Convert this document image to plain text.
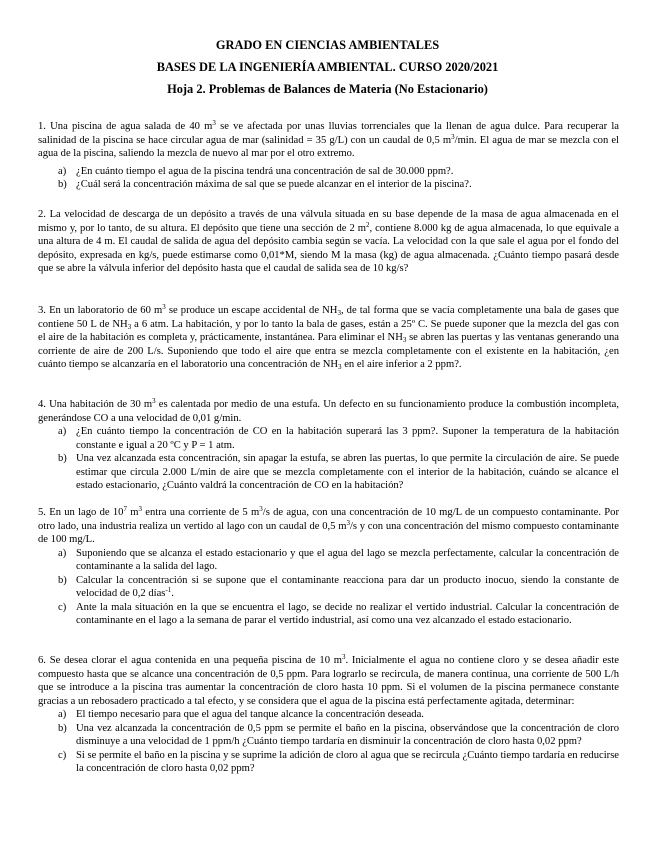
GRADO EN CIENCIAS AMBIENTALES
BASES DE LA INGENIERÍA AMBIENTAL. CURSO 2020/2021
Hoja 2. Problemas de Balances de Materia (No Estacionario)

1. Una piscina de agua salada de 40 $m^3$ se ve afectada por unas lluvias torrenciales que la llenan de agua dulce. Para recuperar la salinidad de la piscina se hace circular agua de mar (salinidad = 35 g/L) con un caudal de 0,5 $m^3/\min$. El agua de mar se mezcla con el agua de la piscina, saliendo la mezcla de nuevo al mar por el otro extremo.

a) ¿En cuánto tiempo el agua de la piscina tendrá una concentración de sal de 30.000 ppm?.
b) ¿Cuál será la concentración máxima de sal que se puede alcanzar en el interior de la piscina?.

2. La velocidad de descarga de un depósito a través de una válvula situada en su base depende de la masa de agua almacenada en el mismo y, por lo tanto, de su altura. El depósito que tiene una sección de 2 $m^2$, contiene 8.000 kg de agua almacenada, lo que equivale a una altura de 4 m. El caudal de salida de agua del depósito cambia según se vacía. La velocidad con la que sale el agua por el fondo del depósito, expresada en kg/s, puede estimarse como 0,01*M, siendo M la masa (kg) de agua almacenada. ¿Cuánto tiempo pasará desde que se abre la válvula inferior del depósito hasta que el caudal de salida sea de 10 kg/s?

3. En un laboratorio de 60 $m^3$ se produce un escape accidental de $NH_3$, de tal forma que se vacía completamente una bala de gases que contiene 50 L de $NH_3$ a 6 atm. La habitación, y por lo tanto la bala de gases, están a 25º C. Se puede suponer que la mezcla del gas con el aire de la habitación es completa y, prácticamente, instantánea. Para eliminar el $NH_3$ se abren las puertas y las ventanas generando una corriente de aire de 200 L/s. Suponiendo que todo el aire que entra se mezcla completamente con el existente en la habitación, ¿en cuánto tiempo se alcanzaría en el laboratorio una concentración de $NH_3$ en el aire inferior a 2 ppm?.

4. Una habitación de 30 $m^3$ es calentada por medio de una estufa. Un defecto en su funcionamiento produce la combustión incompleta, generándose CO a una velocidad de 0,01 g/min.

a) ¿En cuánto tiempo la concentración de CO en la habitación superará las 3 ppm?. Suponer la temperatura de la habitación constante e igual a 20 ºC y P = 1 atm.
b) Una vez alcanzada esta concentración, sin apagar la estufa, se abren las puertas, lo que permite la circulación de aire. Se puede estimar que circula 2.000 L/min de aire que se mezcla completamente con el interior de la habitación, cuándo se alcance el estado estacionario, ¿Cuánto valdrá la concentración de CO en la habitación?

5. En un lago de $10^7$ $m^3$ entra una corriente de 5 $m^3/s$ de agua, con una concentración de 10 mg/L de un compuesto contaminante. Por otro lado, una industria realiza un vertido al lago con un caudal de 0,5 $m^3/s$ y con una concentración del mismo compuesto contaminante de 100 mg/L.

a) Suponiendo que se alcanza el estado estacionario y que el agua del lago se mezcla perfectamente, calcular la concentración de contaminante a la salida del lago.
b) Calcular la concentración si se supone que el contaminante reacciona para dar un producto inocuo, siendo la constante de velocidad de 0,2 días$^{-1}$.
c) Ante la mala situación en la que se encuentra el lago, se decide no realizar el vertido industrial. Calcular la concentración de contaminante en el lago a la semana de parar el vertido industrial, así como una vez alcanzado el estado estacionario.

6. Se desea clorar el agua contenida en una pequeña piscina de 10 $m^3$. Inicialmente el agua no contiene cloro y se desea añadir este compuesto hasta que se alcance una concentración de 0,5 ppm. Para lograrlo se recircula, de manera continua, una corriente de 500 L/h que se introduce a la piscina tras aumentar la concentración de cloro hasta 10 ppm. Si el volumen de la piscina permanece constante gracias a un rebosadero practicado a tal efecto, y se considera que el agua de la piscina está perfectamente agitada, determinar:

a) El tiempo necesario para que el agua del tanque alcance la concentración deseada.
b) Una vez alcanzada la concentración de 0,5 ppm se permite el baño en la piscina, observándose que la concentración de cloro disminuye a una velocidad de 1 ppm/h ¿Cuánto tiempo tardaría en disminuir la concentración de cloro hasta 0,02 ppm?
c) Si se permite el baño en la piscina y se suprime la adición de cloro al agua que se recircula ¿Cuánto tiempo tardaría en reducirse la concentración de cloro hasta 0,02 ppm?
